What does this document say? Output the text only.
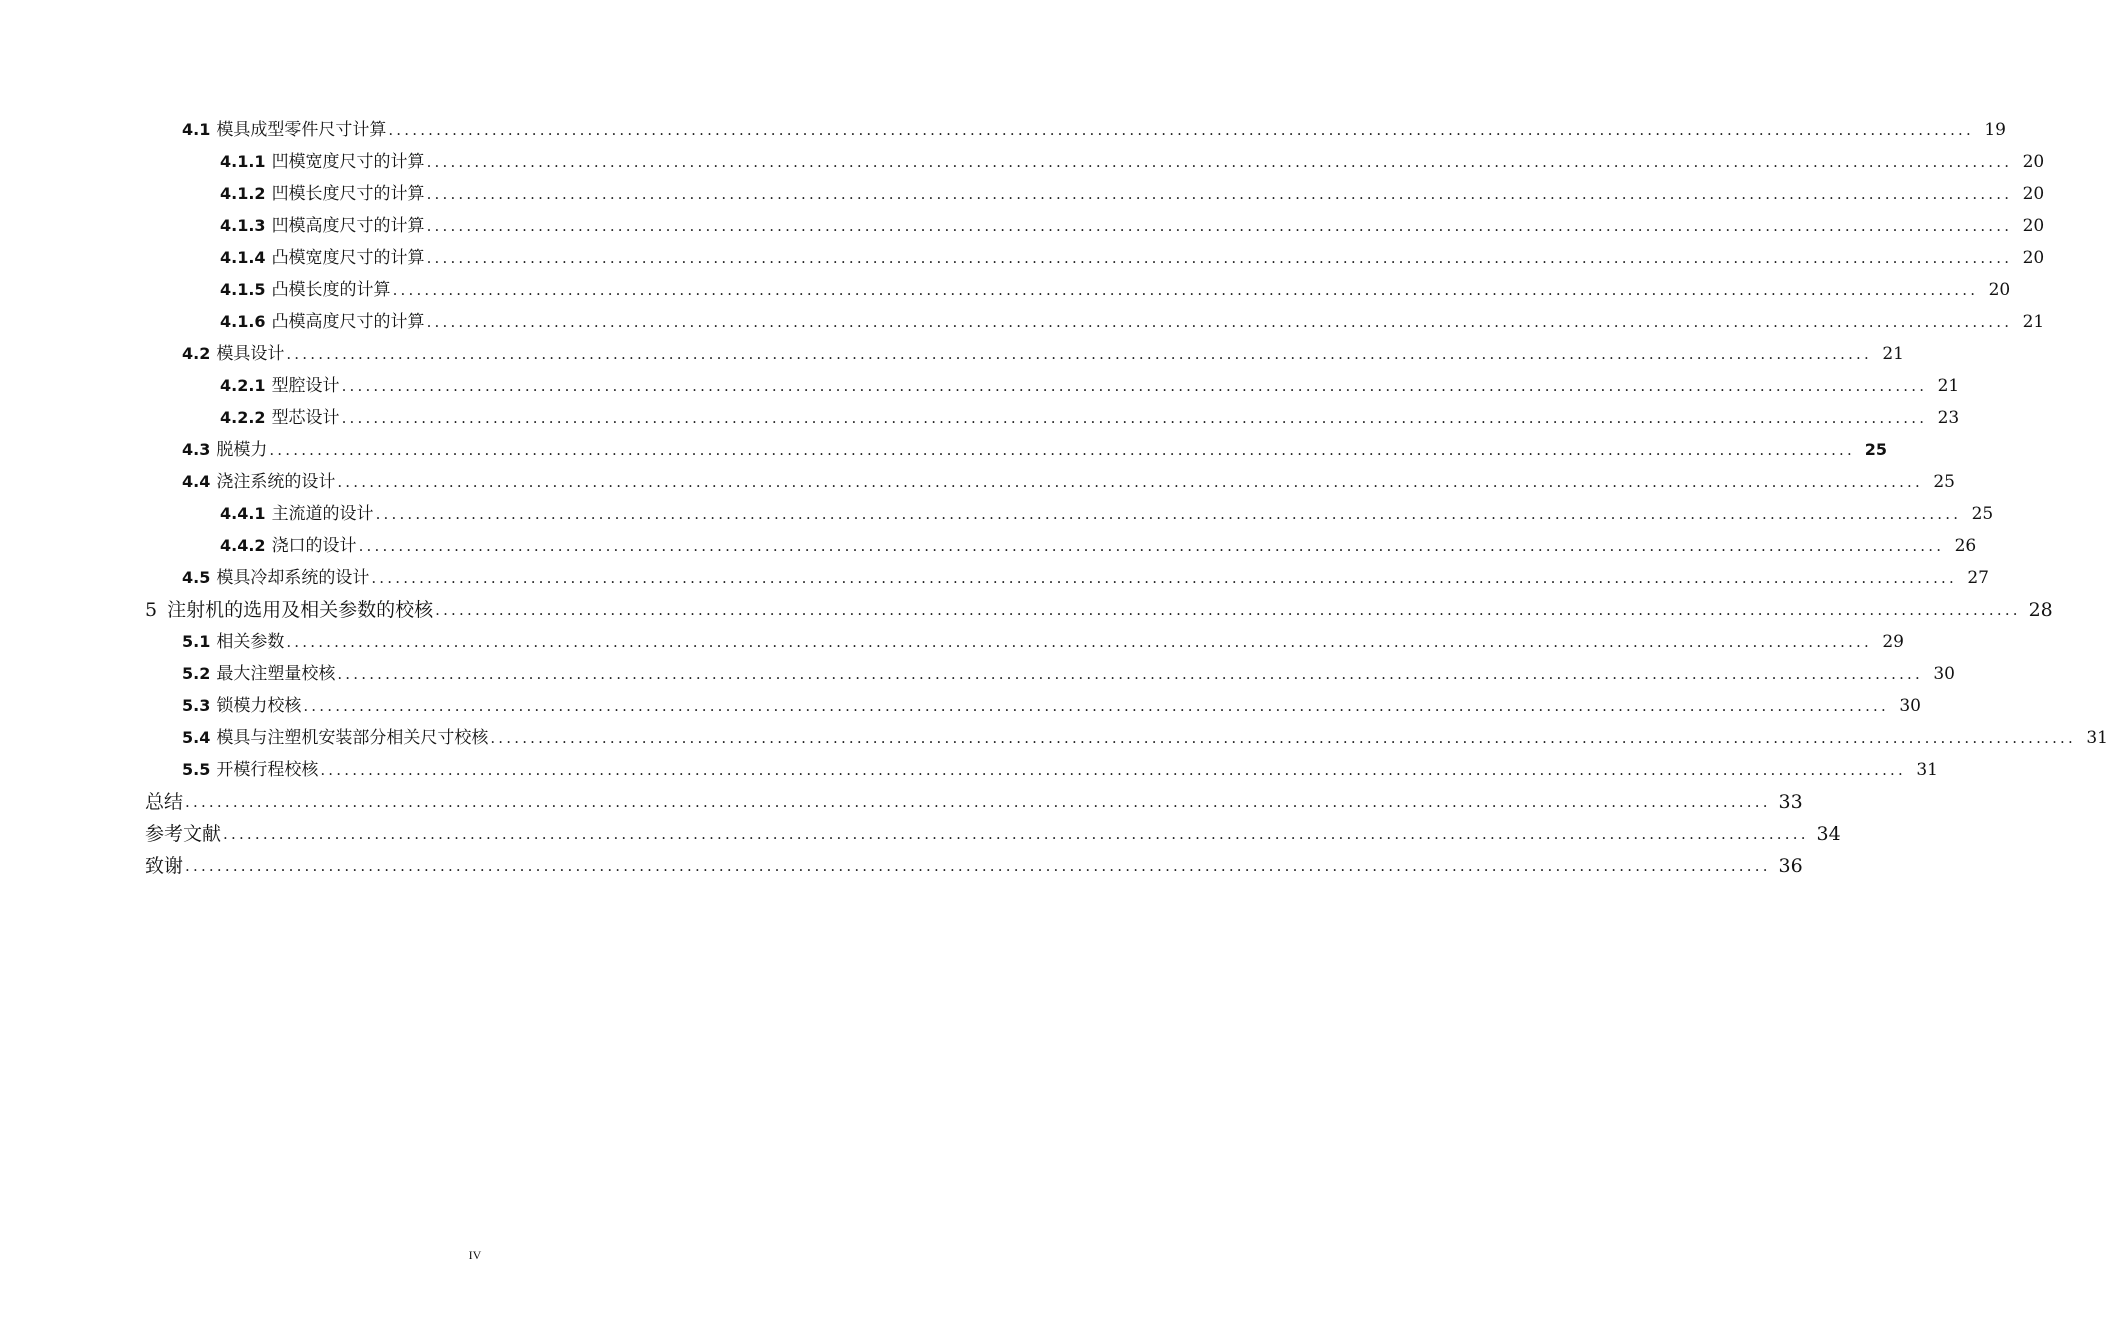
4.1 模具成型零件尺寸计算 ....................................................................................................................................................................................................... 19
4.1.1 凹模宽度尺寸的计算 ....................................................................................................................................................................................................... 20
4.1.2 凹模长度尺寸的计算 ....................................................................................................................................................................................................... 20
4.1.3 凹模高度尺寸的计算 ....................................................................................................................................................................................................... 20
4.1.4 凸模宽度尺寸的计算 ....................................................................................................................................................................................................... 20
4.1.5 凸模长度的计算 ....................................................................................................................................................................................................... 20
4.1.6 凸模高度尺寸的计算 ....................................................................................................................................................................................................... 21
4.2 模具设计 ....................................................................................................................................................................................................... 21
4.2.1 型腔设计 ....................................................................................................................................................................................................... 21
4.2.2 型芯设计 ....................................................................................................................................................................................................... 23
4.3 脱模力 ....................................................................................................................................................................................................... 25
4.4 浇注系统的设计 ....................................................................................................................................................................................................... 25
4.4.1 主流道的设计 ....................................................................................................................................................................................................... 25
4.4.2 浇口的设计 ....................................................................................................................................................................................................... 26
4.5 模具冷却系统的设计 ....................................................................................................................................................................................................... 27
5 注射机的选用及相关参数的校核 ....................................................................................................................................................................................................... 28
5.1 相关参数 ....................................................................................................................................................................................................... 29
5.2 最大注塑量校核 ....................................................................................................................................................................................................... 30
5.3 锁模力校核 ....................................................................................................................................................................................................... 30
5.4 模具与注塑机安装部分相关尺寸校核 ....................................................................................................................................................................................................... 31
5.5 开模行程校核 ....................................................................................................................................................................................................... 31
总结 ....................................................................................................................................................................................................... 33
参考文献 ....................................................................................................................................................................................................... 34
致谢 ....................................................................................................................................................................................................... 36
IV
